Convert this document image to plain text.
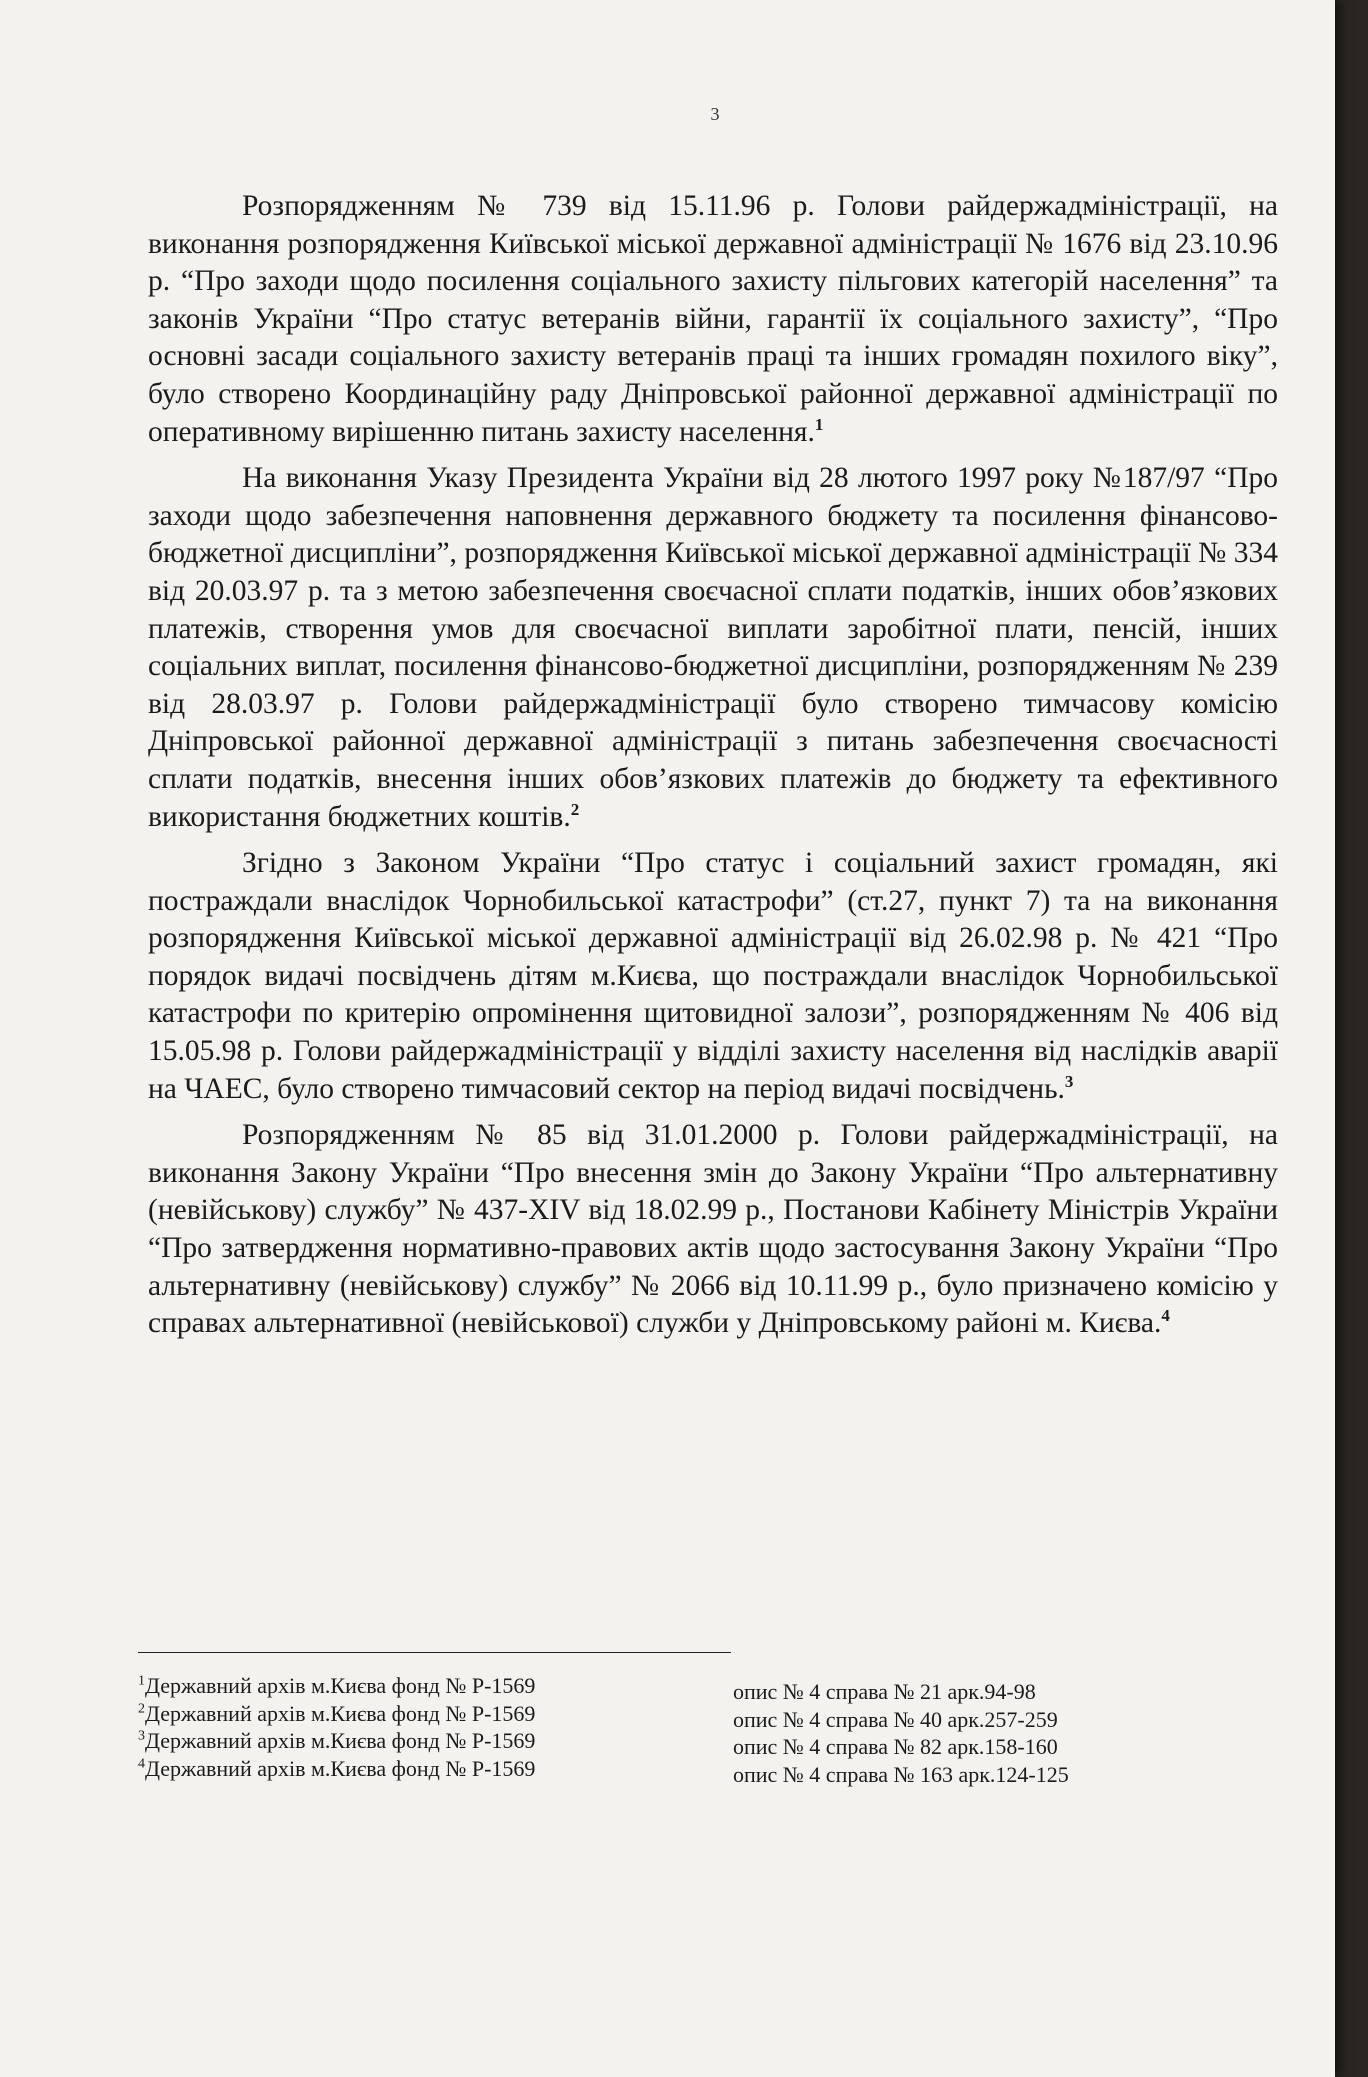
3

Розпорядженням № 739 від 15.11.96 р. Голови райдержадміністрації, на виконання розпорядження Київської міської державної адміністрації № 1676 від 23.10.96 р. “Про заходи щодо посилення соціального захисту пільгових категорій населення” та законів України “Про статус ветеранів війни, гарантії їх соціального захисту”, “Про основні засади соціального захисту ветеранів праці та інших громадян похилого віку”, було створено Координаційну раду Дніпровської районної державної адміністрації по оперативному вирішенню питань захисту населення.$^1$

На виконання Указу Президента України від 28 лютого 1997 року №187/97 “Про заходи щодо забезпечення наповнення державного бюджету та посилення фінансово-бюджетної дисципліни”, розпорядження Київської міської державної адміністрації № 334 від 20.03.97 р. та з метою забезпечення своєчасної сплати податків, інших обов’язкових платежів, створення умов для своєчасної виплати заробітної плати, пенсій, інших соціальних виплат, посилення фінансово-бюджетної дисципліни, розпорядженням № 239 від 28.03.97 р. Голови райдержадміністрації було створено тимчасову комісію Дніпровської районної державної адміністрації з питань забезпечення своєчасності сплати податків, внесення інших обов’язкових платежів до бюджету та ефективного використання бюджетних коштів.$^2$

Згідно з Законом України “Про статус і соціальний захист громадян, які постраждали внаслідок Чорнобильської катастрофи” (ст.27, пункт 7) та на виконання розпорядження Київської міської державної адміністрації від 26.02.98 р. № 421 “Про порядок видачі посвідчень дітям м.Києва, що постраждали внаслідок Чорнобильської катастрофи по критерію опромінення щитовидної залози”, розпорядженням № 406 від 15.05.98 р. Голови райдержадміністрації у відділі захисту населення від наслідків аварії на ЧАЕС, було створено тимчасовий сектор на період видачі посвідчень.$^3$

Розпорядженням № 85 від 31.01.2000 р. Голови райдержадміністрації, на виконання Закону України “Про внесення змін до Закону України “Про альтернативну (невійськову) службу” № 437-XIV від 18.02.99 р., Постанови Кабінету Міністрів України “Про затвердження нормативно-правових актів щодо застосування Закону України “Про альтернативну (невійськову) службу” № 2066 від 10.11.99 р., було призначено комісію у справах альтернативної (невійськової) служби у Дніпровському районі м. Києва.$^4$

$^1$Державний архів м.Києва фонд № Р-1569	опис № 4 справа № 21 арк.94-98
$^2$Державний архів м.Києва фонд № Р-1569	опис № 4 справа № 40 арк.257-259
$^3$Державний архів м.Києва фонд № Р-1569	опис № 4 справа № 82 арк.158-160
$^4$Державний архів м.Києва фонд № Р-1569	опис № 4 справа № 163 арк.124-125
